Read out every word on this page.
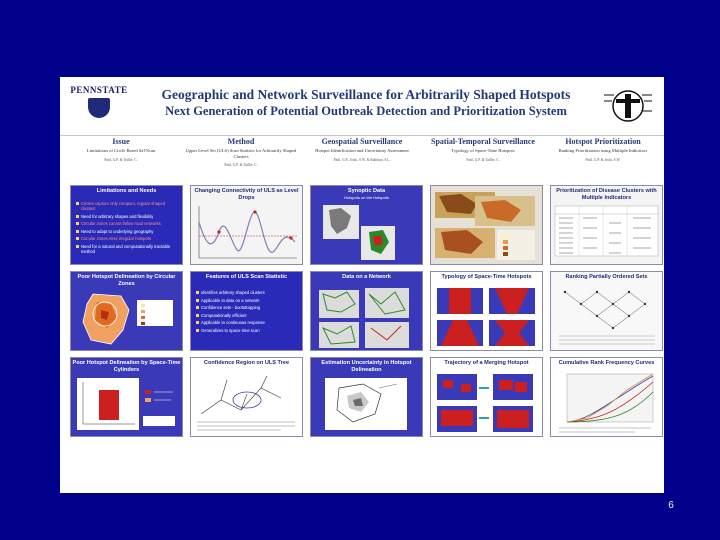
PENNSTATE	Geographic and Network Surveillance for Arbitrarily Shaped Hotspots
Next Generation of Potential Outbreak Detection and Prioritization System
Issue
Limitations of Circle Based SaTScan
Patil, G.P. & Taillie, C.
Method
Upper Level Set (ULS) Scan Statistic for Arbitrarily Shaped Clusters
Patil, G.P. & Taillie, C.
Geospatial Surveillance
Hotspot Identification and Uncertainty Assessment
Patil, G.P., Joshi, S.W. & Rathbun, S.L.
Spatial-Temporal Surveillance
Typology of Space-Time Hotspots
Patil, G.P. & Taillie, C.
Hotspot Prioritization
Ranking Prioritization using Multiple Indicators
Patil, G.P. & Joshi, S.W.
Limitations and Needs
Circles capture only compact, regular shaped clusters
Need for arbitrary shapes and flexibility
Circular zones cannot follow road networks
Need to adapt to underlying geography
Circular zones miss irregular hotspots
Need for a natural and computationally tractable method
Changing Connectivity of ULS as Level Drops
Synoptic Data
Hotspots on the Hotspots
Prioritization of Disease Clusters with Multiple Indicators
Poor Hotspot Delineation by Circular Zones
Features of ULS Scan Statistic
Identifies arbitrary shaped clusters
Applicable to data on a network
Confidence sets - bootstrapping
Computationally efficient
Applicable to continuous response
Generalizes to space-time scan
Data on a Network	Typology of Space-Time Hotspots	Ranking Partially Ordered Sets
Poor Hotspot Delineation by Space-Time Cylinders
Confidence Region on ULS Tree	Estimation Uncertainty in Hotspot Delineation
Trajectory of a Merging Hotspot	Cumulative Rank Frequency Curves
6
